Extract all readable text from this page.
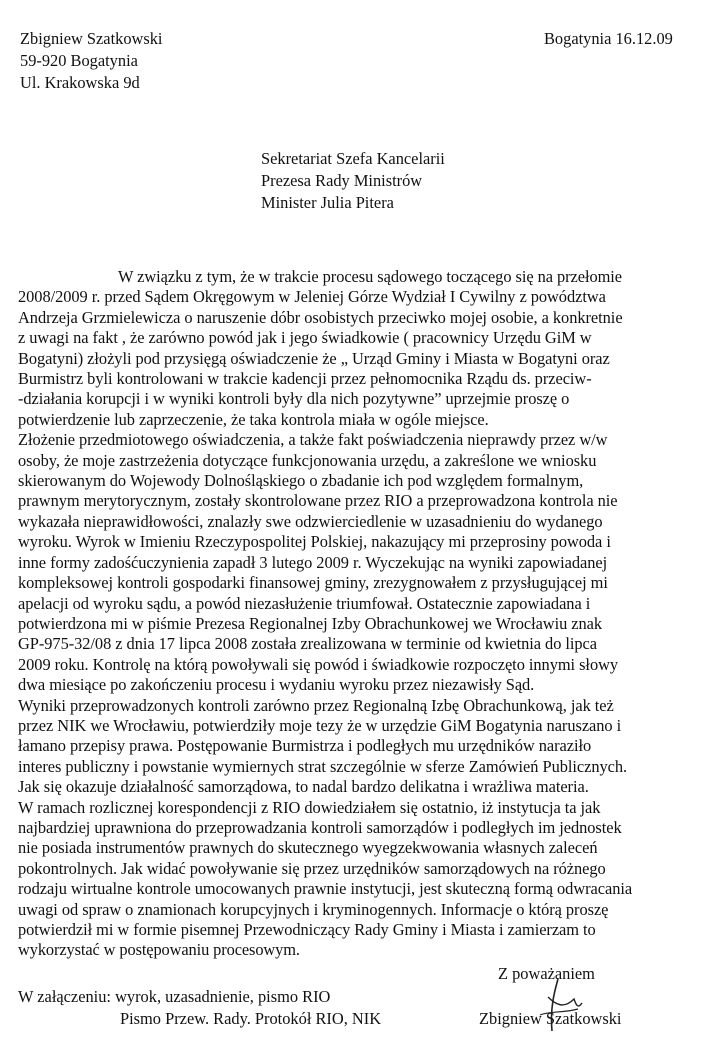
Zbigniew Szatkowski
59-920 Bogatynia
Ul. Krakowska 9d
Bogatynia 16.12.09
Sekretariat Szefa Kancelarii
Prezesa Rady Ministrów
Minister Julia Pitera
W związku z tym, że w trakcie procesu sądowego toczącego się na przełomie
2008/2009 r. przed Sądem Okręgowym w Jeleniej Górze Wydział I Cywilny z powództwa
Andrzeja Grzmielewicza o naruszenie dóbr osobistych przeciwko mojej osobie, a konkretnie
z uwagi na fakt , że zarówno powód jak i jego świadkowie ( pracownicy Urzędu GiM w
Bogatyni) złożyli pod przysięgą oświadczenie że „ Urząd Gminy i Miasta w Bogatyni oraz
Burmistrz byli kontrolowani w trakcie kadencji przez pełnomocnika Rządu ds. przeciw-
-działania korupcji i w wyniki kontroli były dla nich pozytywne” uprzejmie proszę o
potwierdzenie lub zaprzeczenie, że taka kontrola miała w ogóle miejsce.
Złożenie przedmiotowego oświadczenia, a także fakt poświadczenia nieprawdy przez w/w
osoby, że moje zastrzeżenia dotyczące funkcjonowania urzędu, a zakreślone we wniosku
skierowanym do Wojewody Dolnośląskiego o zbadanie ich pod względem formalnym,
prawnym merytorycznym, zostały skontrolowane przez RIO a przeprowadzona kontrola nie
wykazała nieprawidłowości, znalazły swe odzwierciedlenie w uzasadnieniu do wydanego
wyroku. Wyrok w Imieniu Rzeczypospolitej Polskiej, nakazujący mi przeprosiny powoda i
inne formy zadośćuczynienia zapadł 3 lutego 2009 r. Wyczekując na wyniki zapowiadanej
kompleksowej kontroli gospodarki finansowej gminy, zrezygnowałem z przysługującej mi
apelacji od wyroku sądu, a powód niezasłużenie triumfował. Ostatecznie zapowiadana i
potwierdzona mi w piśmie Prezesa Regionalnej Izby Obrachunkowej we Wrocławiu znak
GP-975-32/08 z dnia 17 lipca 2008 została zrealizowana w terminie od kwietnia do lipca
2009 roku. Kontrolę na którą powoływali się powód i świadkowie rozpoczęto innymi słowy
dwa miesiące po zakończeniu procesu i wydaniu wyroku przez niezawisły Sąd.
Wyniki przeprowadzonych kontroli zarówno przez Regionalną Izbę Obrachunkową, jak też
przez NIK we Wrocławiu, potwierdziły moje tezy że w urzędzie GiM Bogatynia naruszano i
łamano przepisy prawa. Postępowanie Burmistrza i podległych mu urzędników naraziło
interes publiczny i powstanie wymiernych strat szczególnie w sferze Zamówień Publicznych.
Jak się okazuje działalność samorządowa, to nadal bardzo delikatna i wrażliwa materia.
W ramach rozlicznej korespondencji z RIO dowiedziałem się ostatnio, iż instytucja ta jak
najbardziej uprawniona do przeprowadzania kontroli samorządów i podległych im jednostek
nie posiada instrumentów prawnych do skutecznego wyegzekwowania własnych zaleceń
pokontrolnych. Jak widać powoływanie się przez urzędników samorządowych na różnego
rodzaju wirtualne kontrole umocowanych prawnie instytucji, jest skuteczną formą odwracania
uwagi od spraw o znamionach korupcyjnych i kryminogennych. Informacje o którą proszę
potwierdził mi w formie pisemnej Przewodniczący Rady Gminy i Miasta i zamierzam to
wykorzystać w postępowaniu procesowym.
Z poważaniem
W załączeniu: wyrok, uzasadnienie, pismo RIO
Pismo Przew. Rady. Protokół RIO, NIK	Zbigniew Szatkowski
